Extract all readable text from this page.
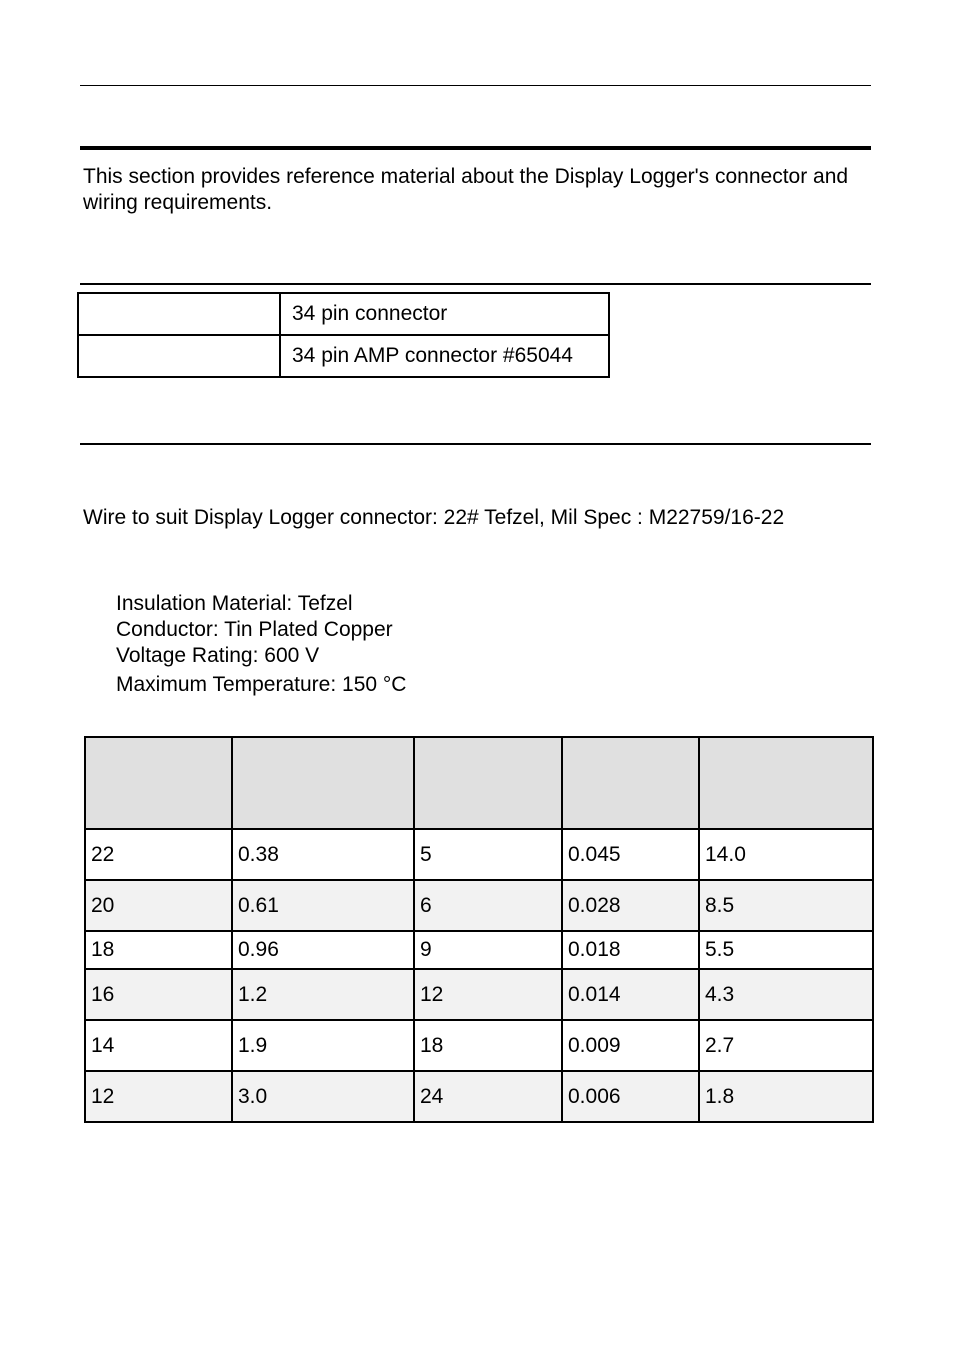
This section provides reference material about the Display Logger's connector and wiring requirements.
	34 pin connector
	34 pin AMP connector #65044
Wire to suit Display Logger connector: 22# Tefzel, Mil Spec : M22759/16-22
Insulation Material: Tefzel
Conductor: Tin Plated Copper
Voltage Rating: 600 V
Maximum Temperature: 150 °C

22	0.38	5	0.045	14.0
20	0.61	6	0.028	8.5
18	0.96	9	0.018	5.5
16	1.2	12	0.014	4.3
14	1.9	18	0.009	2.7
12	3.0	24	0.006	1.8
